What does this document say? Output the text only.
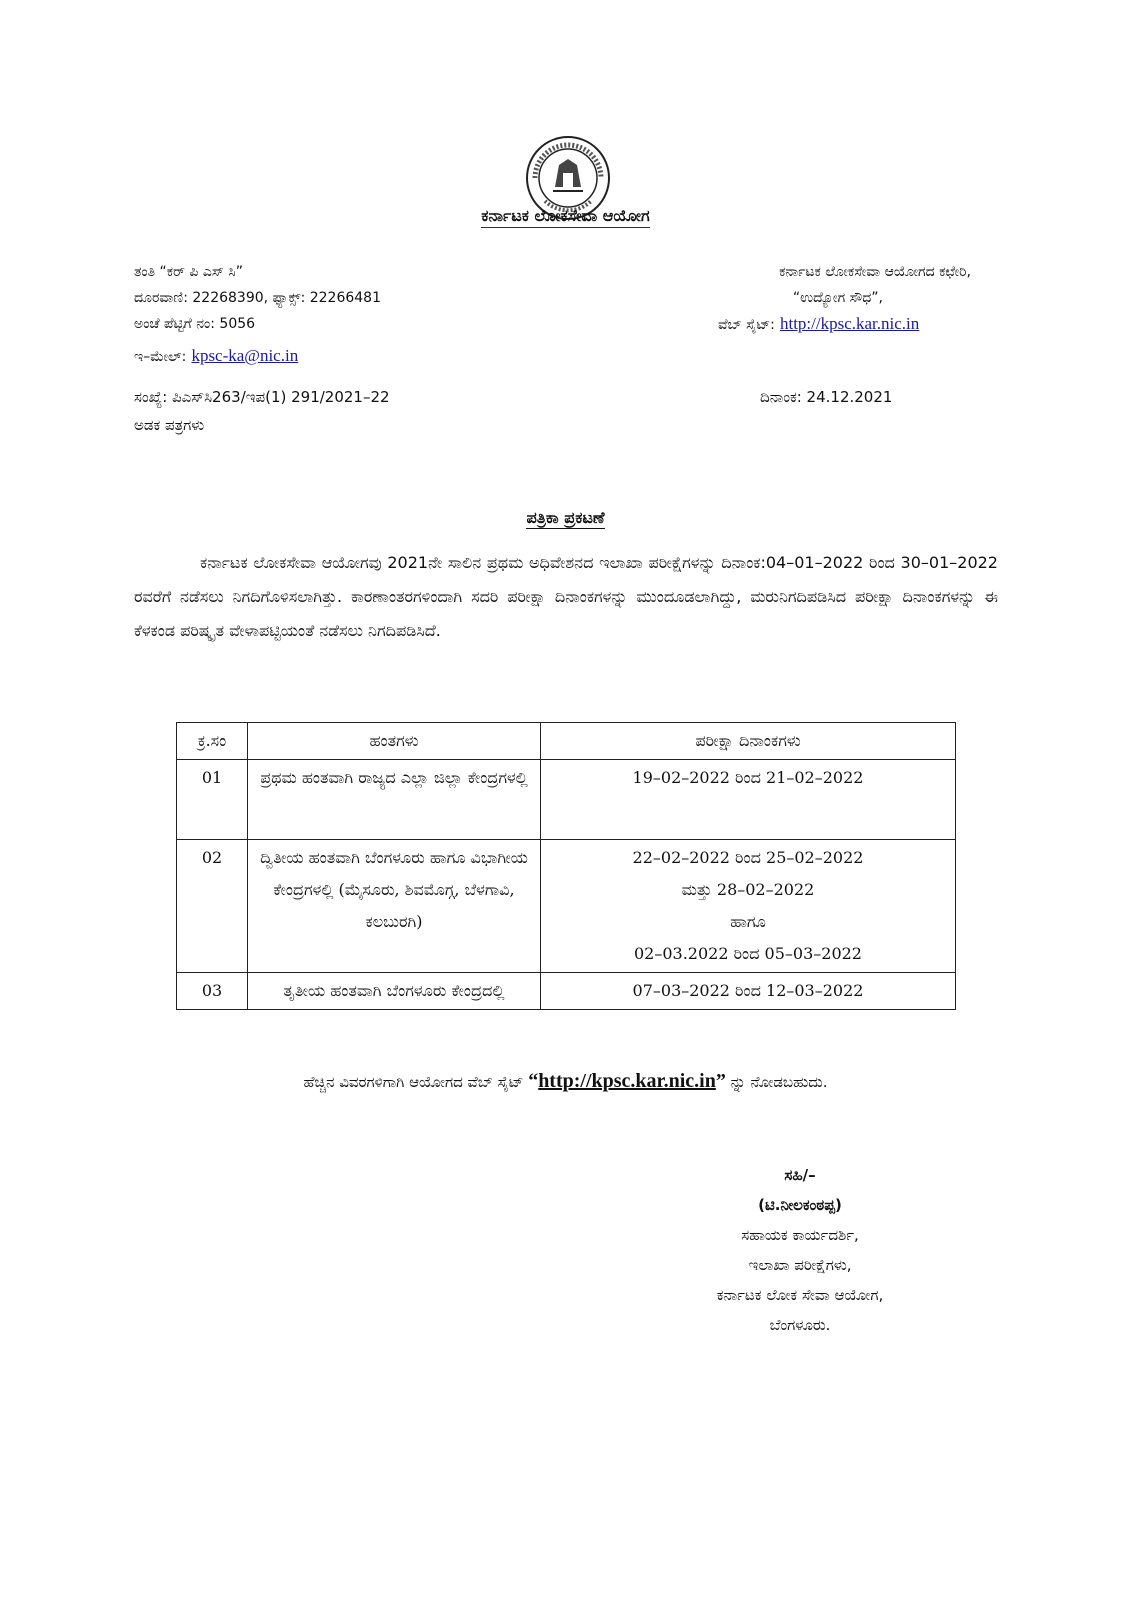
ಕರ್ನಾಟಕ ಲೋಕಸೇವಾ ಆಯೋಗ
ತಂತಿ “ಕರ್ ಪಿ ಎಸ್ ಸಿ”
ದೂರವಾಣಿ: 22268390, ಫ್ಯಾಕ್ಸ್: 22266481
ಅಂಚೆ ಪೆಟ್ಟಿಗೆ ನಂ: 5056
ಇ–ಮೇಲ್: kpsc-ka@nic.in
ಕರ್ನಾಟಕ ಲೋಕಸೇವಾ ಆಯೋಗದ ಕಛೇರಿ,
“ಉದ್ಯೋಗ ಸೌಧ”,
ವೆಬ್ ಸೈಟ್: http://kpsc.kar.nic.in
ಸಂಖ್ಯೆ: ಪಿಎಸ್‌ಸಿ263/ಇಪ(1) 291/2021–22
ಅಡಕ ಪತ್ರಗಳು
ದಿನಾಂಕ: 24.12.2021
ಪತ್ರಿಕಾ ಪ್ರಕಟಣೆ
ಕರ್ನಾಟಕ ಲೋಕಸೇವಾ ಆಯೋಗವು 2021ನೇ ಸಾಲಿನ ಪ್ರಥಮ ಅಧಿವೇಶನದ ಇಲಾಖಾ ಪರೀಕ್ಷೆಗಳನ್ನು ದಿನಾಂಕ:04–01–2022 ರಿಂದ 30–01–2022 ರವರೆಗೆ ನಡೆಸಲು ನಿಗದಿಗೊಳಿಸಲಾಗಿತ್ತು. ಕಾರಣಾಂತರಗಳಿಂದಾಗಿ ಸದರಿ ಪರೀಕ್ಷಾ ದಿನಾಂಕಗಳನ್ನು ಮುಂದೂಡಲಾಗಿದ್ದು, ಮರುನಿಗದಿಪಡಿಸಿದ ಪರೀಕ್ಷಾ ದಿನಾಂಕಗಳನ್ನು ಈ ಕೆಳಕಂಡ ಪರಿಷ್ಕೃತ ವೇಳಾಪಟ್ಟಿಯಂತೆ ನಡೆಸಲು ನಿಗದಿಪಡಿಸಿದೆ.
ಕ್ರ.ಸಂ	ಹಂತಗಳು	ಪರೀಕ್ಷಾ ದಿನಾಂಕಗಳು
01	ಪ್ರಥಮ ಹಂತವಾಗಿ ರಾಜ್ಯದ ಎಲ್ಲಾ ಜಿಲ್ಲಾ ಕೇಂದ್ರಗಳಲ್ಲಿ	19–02–2022 ರಿಂದ 21–02–2022

02	ದ್ವಿತೀಯ ಹಂತವಾಗಿ ಬೆಂಗಳೂರು ಹಾಗೂ ವಿಭಾಗೀಯ ಕೇಂದ್ರಗಳಲ್ಲಿ (ಮೈಸೂರು, ಶಿವಮೊಗ್ಗ, ಬೆಳಗಾವಿ, ಕಲಬುರಗಿ)	22–02–2022 ರಿಂದ 25–02–2022
ಮತ್ತು 28–02–2022
ಹಾಗೂ
02–03.2022 ರಿಂದ 05–03–2022

03	ತೃತೀಯ ಹಂತವಾಗಿ ಬೆಂಗಳೂರು ಕೇಂದ್ರದಲ್ಲಿ	07–03–2022 ರಿಂದ 12–03–2022
ಹೆಚ್ಚಿನ ವಿವರಗಳಿಗಾಗಿ ಆಯೋಗದ ವೆಬ್ ಸೈಟ್ “http://kpsc.kar.nic.in” ನ್ನು ನೋಡಬಹುದು.
ಸಹಿ/–
(ಟಿ.ನೀಲಕಂಠಪ್ಪ)
ಸಹಾಯಕ ಕಾರ್ಯದರ್ಶಿ,
ಇಲಾಖಾ ಪರೀಕ್ಷೆಗಳು,
ಕರ್ನಾಟಕ ಲೋಕ ಸೇವಾ ಆಯೋಗ,
ಬೆಂಗಳೂರು.
